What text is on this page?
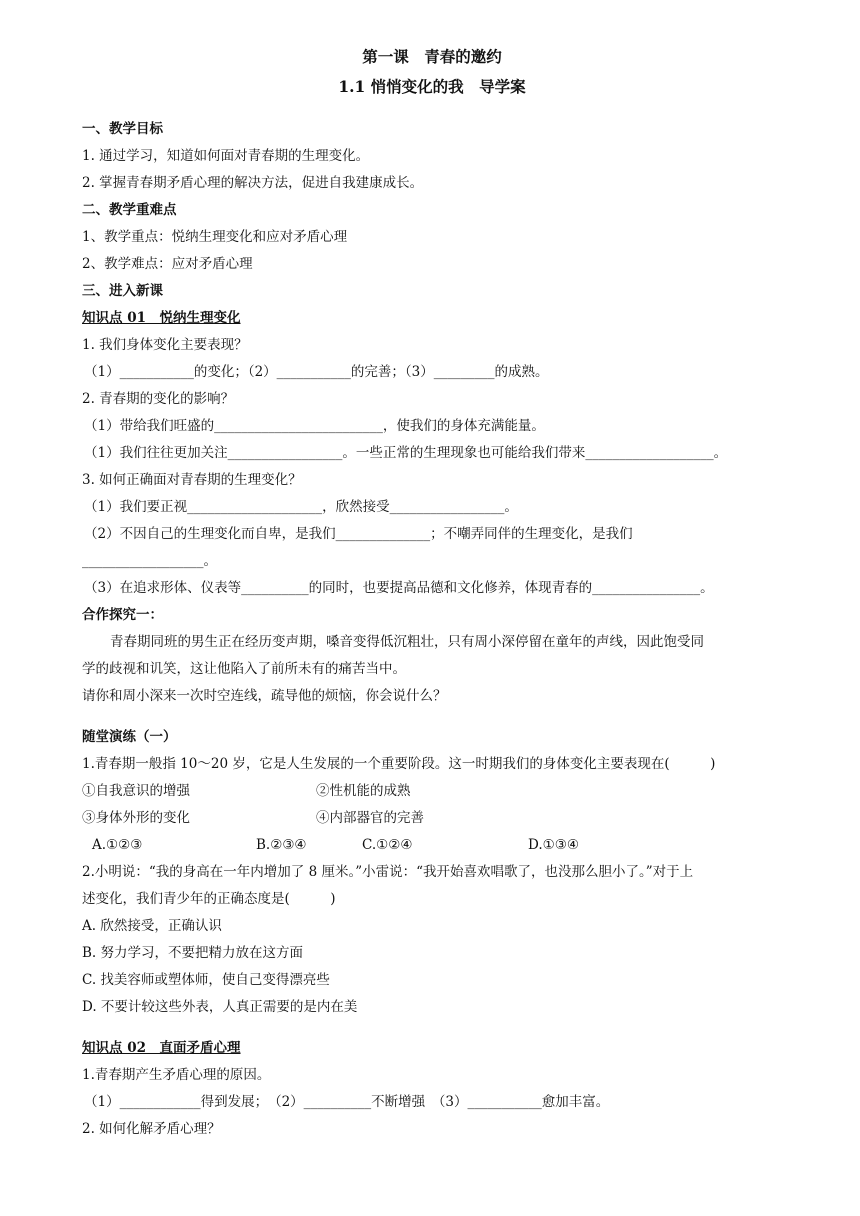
第一课　青春的邀约
1.1 悄悄变化的我　导学案
一、教学目标
1. 通过学习，知道如何面对青春期的生理变化。
2. 掌握青春期矛盾心理的解决方法，促进自我建康成长。
二、教学重难点
1、教学重点：悦纳生理变化和应对矛盾心理
2、教学难点：应对矛盾心理
三、进入新课
知识点 01　悦纳生理变化
1. 我们身体变化主要表现？
（1）___________的变化；（2）___________的完善；（3）_________的成熟。
2. 青春期的变化的影响？
（1）带给我们旺盛的_________________________，使我们的身体充满能量。
（1）我们往往更加关注_________________。一些正常的生理现象也可能给我们带来___________________。
3. 如何正确面对青春期的生理变化？
（1）我们要正视____________________，欣然接受_________________。
（2）不因自己的生理变化而自卑，是我们______________；不嘲弄同伴的生理变化，是我们
__________________。
（3）在追求形体、仪表等__________的同时，也要提高品德和文化修养，体现青春的________________。
合作探究一：
青春期同班的男生正在经历变声期，嗓音变得低沉粗壮，只有周小深停留在童年的声线，因此饱受同
学的歧视和讥笑，这让他陷入了前所未有的痛苦当中。
请你和周小深来一次时空连线，疏导他的烦恼，你会说什么？
随堂演练（一）
1.青春期一般指 10～20 岁，它是人生发展的一个重要阶段。这一时期我们的身体变化主要表现在(　　　)
①自我意识的增强	②性机能的成熟
③身体外形的变化	④内部器官的完善
A.①②③	B.②③④	C.①②④	D.①③④
2.小明说：“我的身高在一年内增加了 8 厘米。”小雷说：“我开始喜欢唱歌了，也没那么胆小了。”对于上
述变化，我们青少年的正确态度是(　　　)
A. 欣然接受，正确认识
B. 努力学习，不要把精力放在这方面
C. 找美容师或塑体师，使自己变得漂亮些
D. 不要计较这些外表，人真正需要的是内在美
知识点 02　直面矛盾心理
1.青春期产生矛盾心理的原因。
（1）____________得到发展；　（2）__________不断增强　（3）___________愈加丰富。
2. 如何化解矛盾心理？
